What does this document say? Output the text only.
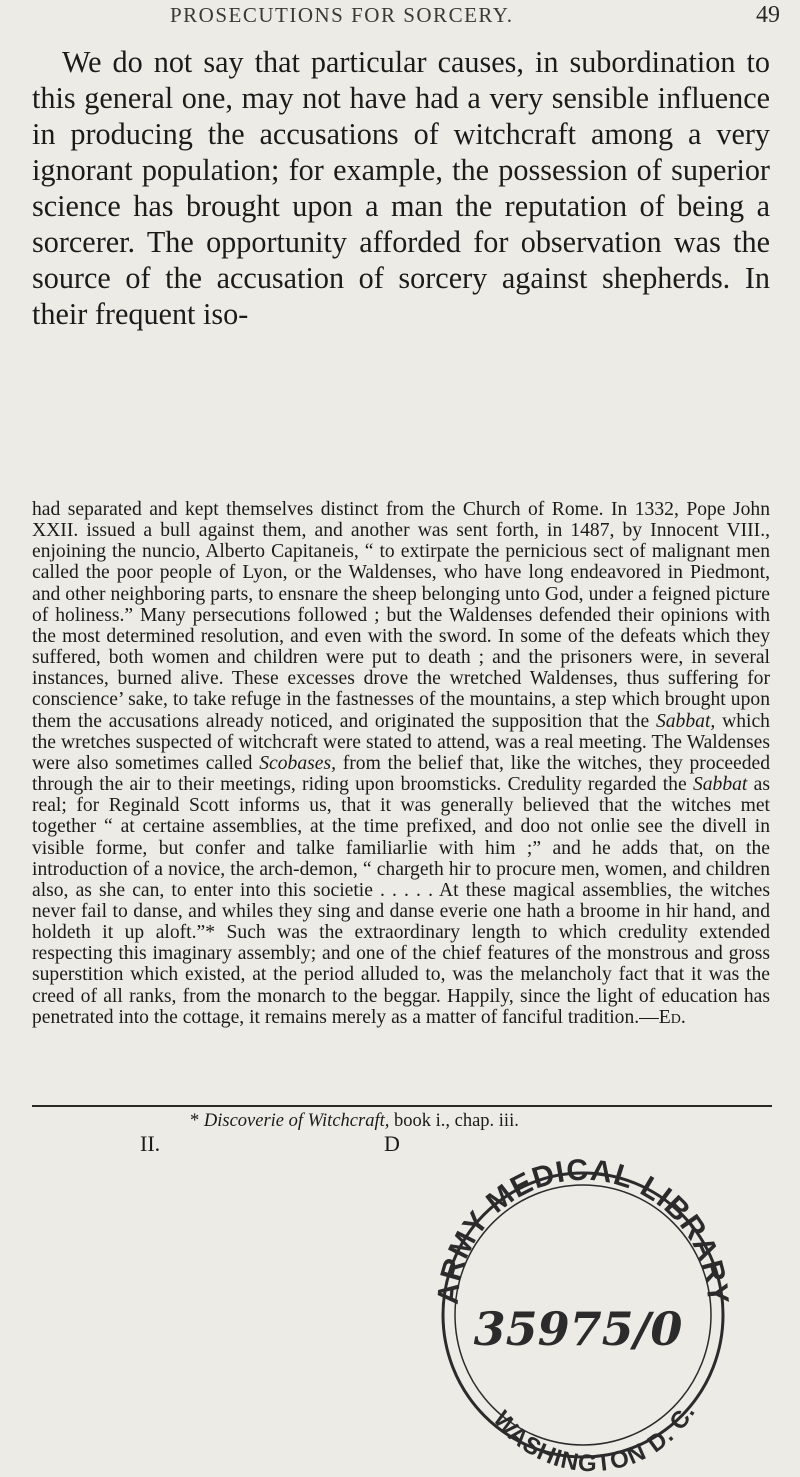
PROSECUTIONS FOR SORCERY.	49

We do not say that particular causes, in subordination to this general one, may not have had a very sensible influence in producing the accusations of witchcraft among a very ignorant population; for example, the possession of superior science has brought upon a man the reputation of being a sorcerer. The opportunity afforded for observation was the source of the accusation of sorcery against shepherds. In their frequent iso-

had separated and kept themselves distinct from the Church of Rome. In 1332, Pope John XXII. issued a bull against them, and another was sent forth, in 1487, by Innocent VIII., enjoining the nuncio, Alberto Capitaneis, “ to extirpate the pernicious sect of malignant men called the poor people of Lyon, or the Waldenses, who have long endeavored in Piedmont, and other neighboring parts, to ensnare the sheep belonging unto God, under a feigned picture of holiness.” Many persecutions followed ; but the Waldenses defended their opinions with the most determined resolution, and even with the sword. In some of the defeats which they suffered, both women and children were put to death ; and the prisoners were, in several instances, burned alive. These excesses drove the wretched Waldenses, thus suffering for conscience’ sake, to take refuge in the fastnesses of the mountains, a step which brought upon them the accusations already noticed, and originated the supposition that the Sabbat, which the wretches suspected of witchcraft were stated to attend, was a real meeting. The Waldenses were also sometimes called Scobases, from the belief that, like the witches, they proceeded through the air to their meetings, riding upon broomsticks. Credulity regarded the Sabbat as real; for Reginald Scott informs us, that it was generally believed that the witches met together “ at certaine assemblies, at the time prefixed, and doo not onlie see the divell in visible forme, but confer and talke familiarlie with him ;” and he adds that, on the introduction of a novice, the arch-demon, “ chargeth hir to procure men, women, and children also, as she can, to enter into this societie . . . . . At these magical assemblies, the witches never fail to danse, and whiles they sing and danse everie one hath a broome in hir hand, and holdeth it up aloft.”* Such was the extraordinary length to which credulity extended respecting this imaginary assembly; and one of the chief features of the monstrous and gross superstition which existed, at the period alluded to, was the melancholy fact that it was the creed of all ranks, from the monarch to the beggar. Happily, since the light of education has penetrated into the cottage, it remains merely as a matter of fanciful tradition.—Ed.

* Discoverie of Witchcraft, book i., chap. iii.

II.	D
ARMY MEDICAL LIBRARY
35975/0
WASHINGTON D. C.
